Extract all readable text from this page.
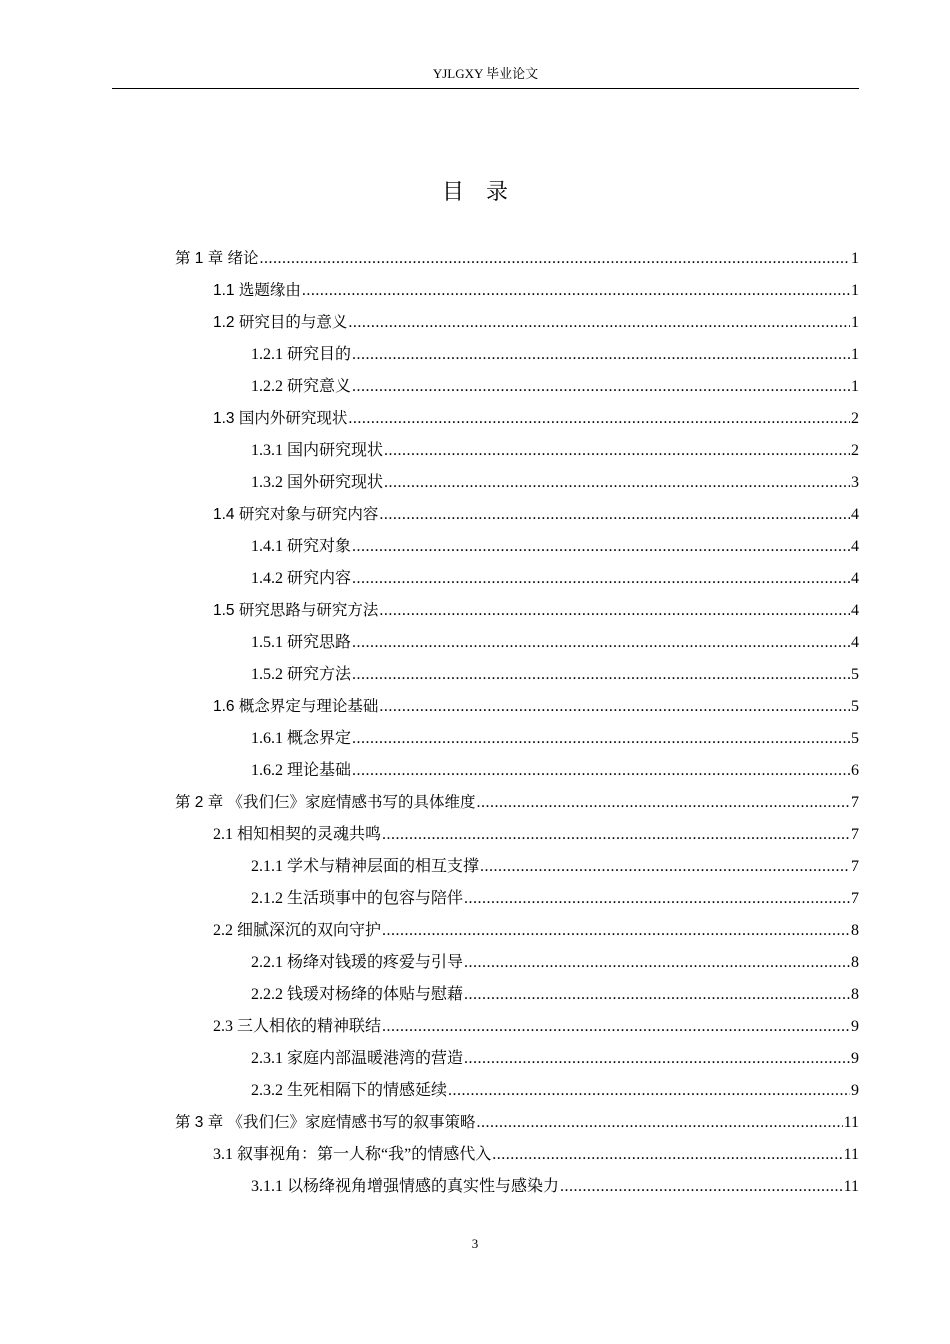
YJLGXY 毕业论文
目录
第 1 章 绪论 .....	1
1.1 选题缘由 .....	1
1.2 研究目的与意义 .....	1
1.2.1 研究目的 .....	1
1.2.2 研究意义 .....	1
1.3 国内外研究现状 .....	2
1.3.1 国内研究现状 .....	2
1.3.2 国外研究现状 .....	3
1.4 研究对象与研究内容 .....	4
1.4.1 研究对象 .....	4
1.4.2 研究内容 .....	4
1.5 研究思路与研究方法 .....	4
1.5.1 研究思路 .....	4
1.5.2 研究方法 .....	5
1.6 概念界定与理论基础 .....	5
1.6.1 概念界定 .....	5
1.6.2 理论基础 .....	6
第 2 章 《我们仨》家庭情感书写的具体维度 .....	7
2.1 相知相契的灵魂共鸣 .....	7
2.1.1 学术与精神层面的相互支撑 .....	7
2.1.2 生活琐事中的包容与陪伴 .....	7
2.2 细腻深沉的双向守护 .....	8
2.2.1 杨绛对钱瑗的疼爱与引导 .....	8
2.2.2 钱瑗对杨绛的体贴与慰藉 .....	8
2.3 三人相依的精神联结 .....	9
2.3.1 家庭内部温暖港湾的营造 .....	9
2.3.2 生死相隔下的情感延续 .....	9
第 3 章 《我们仨》家庭情感书写的叙事策略 .....	11
3.1 叙事视角：第一人称“我”的情感代入 .....	11
3.1.1 以杨绛视角增强情感的真实性与感染力 .....	11
3
